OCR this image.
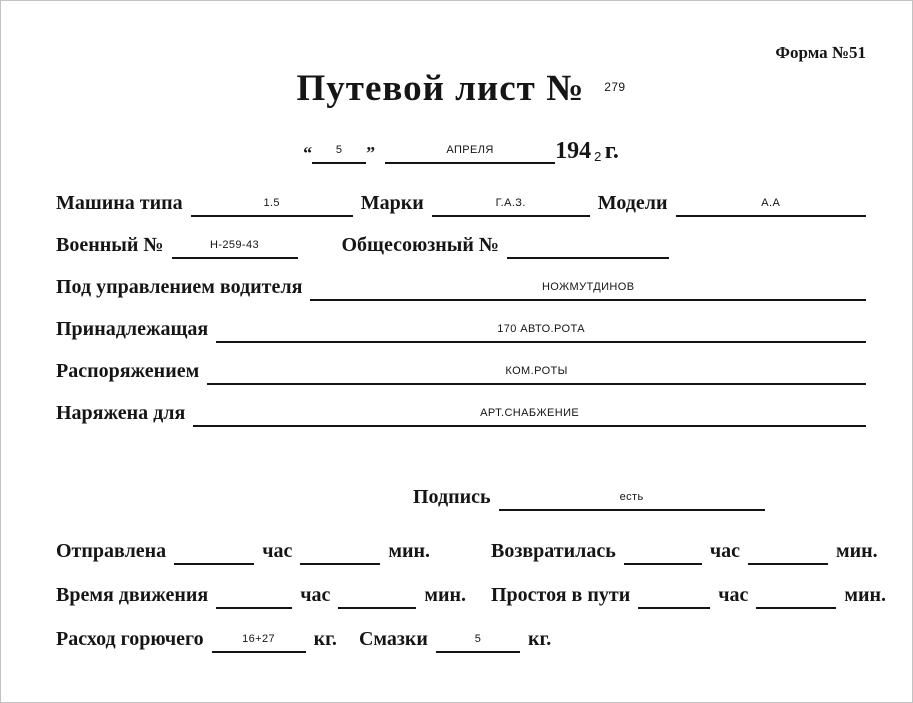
Форма №51
Путевой лист № $^{279}$
“ 5 ”	АПРЕЛЯ	194 2 г.
Машина типа	1.5	Марки	Г.А.З.	Модели	А.А
Военный №	Н-259-43	Общесоюзный №
Под управлением водителя	НОЖМУТДИНОВ
Принадлежащая	170 АВТО.РОТА
Распоряжением	КОМ.РОТЫ
Наряжена для	АРТ.СНАБЖЕНИЕ
Подпись	есть
Отправлена	час	мин.	Возвратилась	час	мин.
Время движения	час	мин. Простоя в пути	час	мин.
Расход горючего	16+27 кг. Смазки	5 кг.
